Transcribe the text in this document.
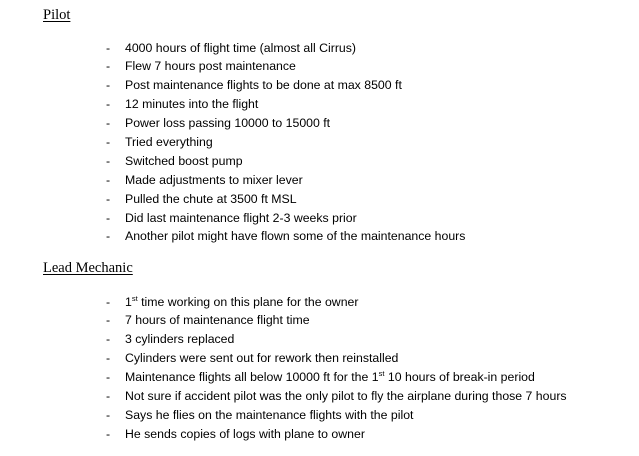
Pilot
- 4000 hours of flight time (almost all Cirrus)
- Flew 7 hours post maintenance
- Post maintenance flights to be done at max 8500 ft
- 12 minutes into the flight
- Power loss passing 10000 to 15000 ft
- Tried everything
- Switched boost pump
- Made adjustments to mixer lever
- Pulled the chute at 3500 ft MSL
- Did last maintenance flight 2-3 weeks prior
- Another pilot might have flown some of the maintenance hours
Lead Mechanic
- 1st time working on this plane for the owner
- 7 hours of maintenance flight time
- 3 cylinders replaced
- Cylinders were sent out for rework then reinstalled
- Maintenance flights all below 10000 ft for the 1st 10 hours of break-in period
- Not sure if accident pilot was the only pilot to fly the airplane during those 7 hours
- Says he flies on the maintenance flights with the pilot
- He sends copies of logs with plane to owner
